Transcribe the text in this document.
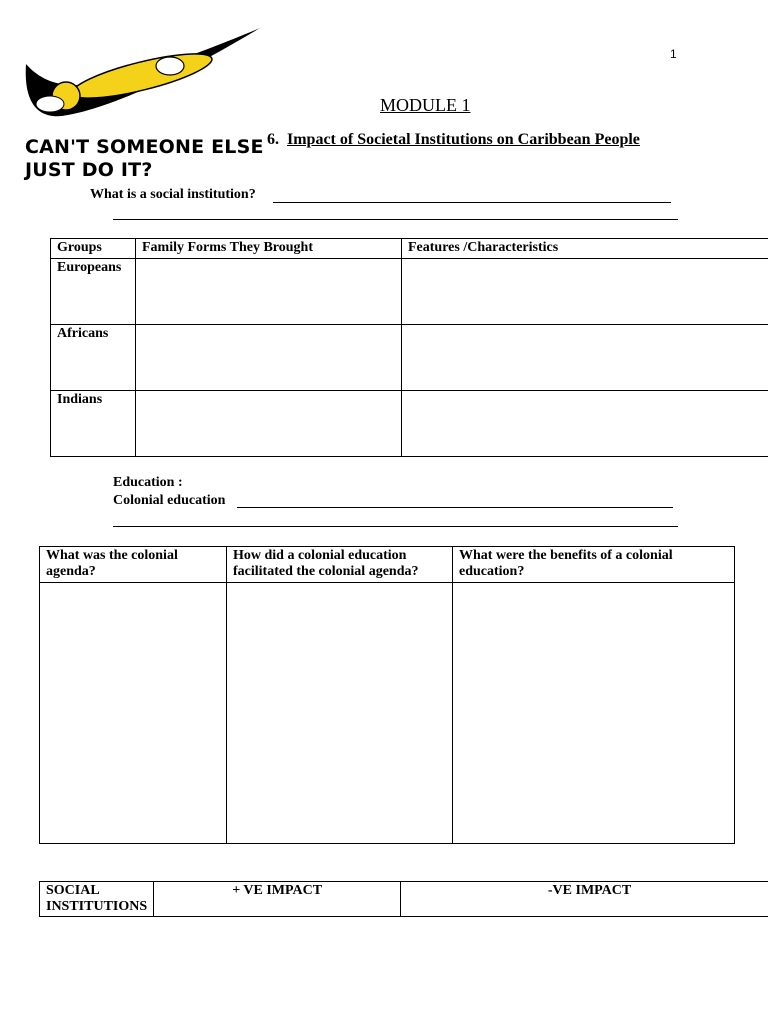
1
CAN'T SOMEONE ELSE
JUST DO IT?
MODULE 1
6. Impact of Societal Institutions on Caribbean People
What is a social institution?
Groups	Family Forms They Brought	Features /Characteristics
Europeans		
Africans		
Indians		
Education :
Colonial education
What was the colonial agenda?	How did a colonial education facilitated the colonial agenda?	What were the benefits of a colonial education?

SOCIAL INSTITUTIONS	+ VE IMPACT	-VE IMPACT
